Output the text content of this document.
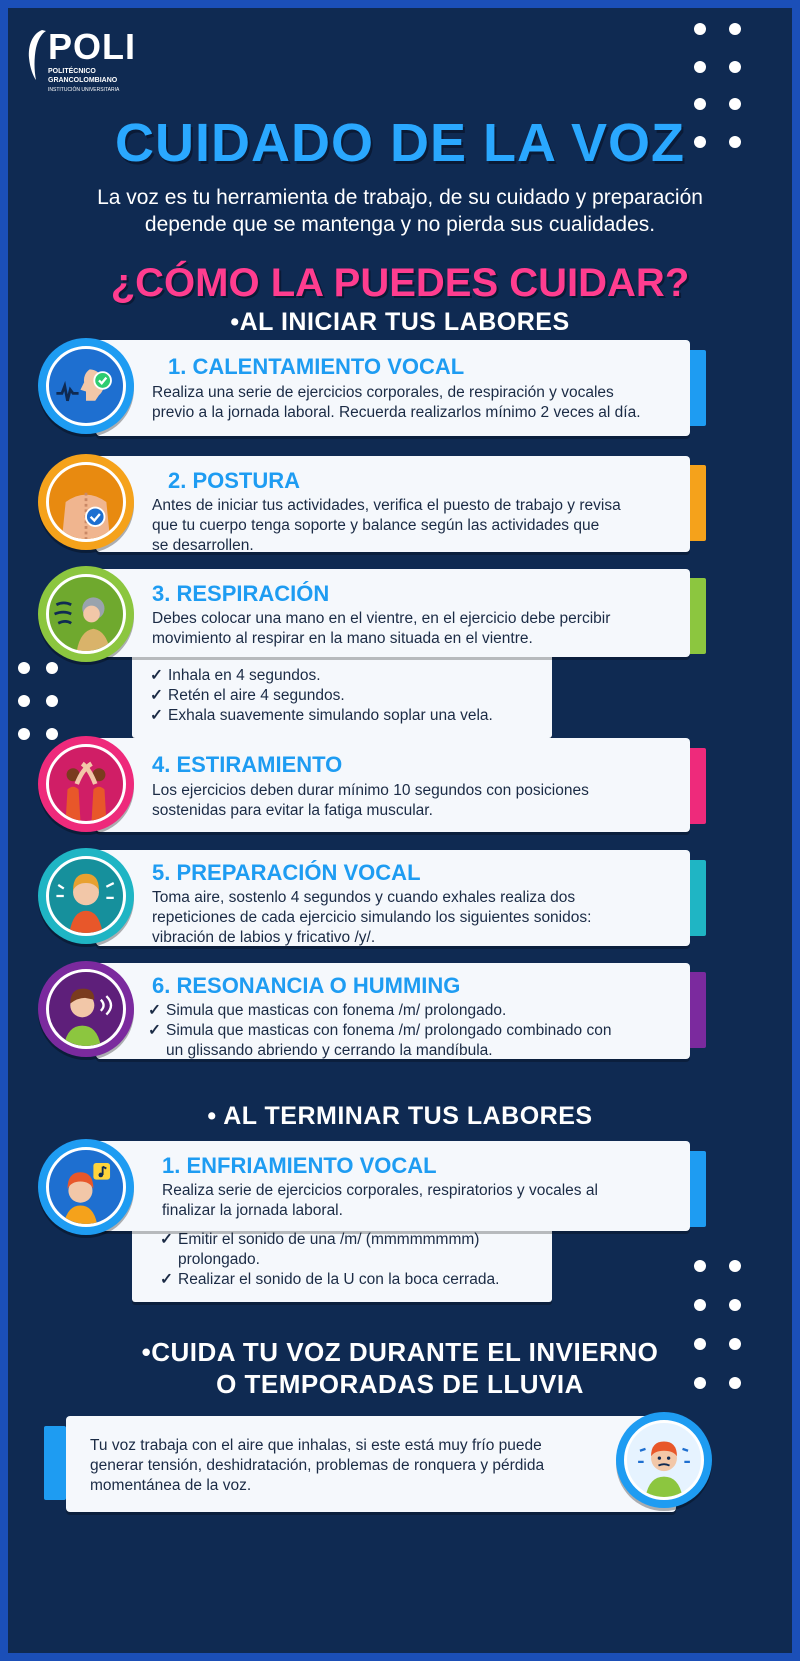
POLI
POLITÉCNICO
GRANCOLOMBIANO
INSTITUCIÓN UNIVERSITARIA
CUIDADO DE LA VOZ
La voz es tu herramienta de trabajo, de su cuidado y preparación
depende que se mantenga y no pierda sus cualidades.
¿CÓMO LA PUEDES CUIDAR?
•AL INICIAR TUS LABORES
1. CALENTAMIENTO VOCAL
Realiza una serie de ejercicios corporales, de respiración y vocales
previo a la jornada laboral. Recuerda realizarlos mínimo 2 veces al día.
2. POSTURA
Antes de iniciar tus actividades, verifica el puesto de trabajo y revisa
que tu cuerpo tenga soporte y balance según las actividades que
se desarrollen.
✓ Inhala en 4 segundos.
✓ Retén el aire 4 segundos.
✓ Exhala suavemente simulando soplar una vela.
3. RESPIRACIÓN
Debes colocar una mano en el vientre, en el ejercicio debe percibir
movimiento al respirar en la mano situada en el vientre.
4. ESTIRAMIENTO
Los ejercicios deben durar mínimo 10 segundos con posiciones
sostenidas para evitar la fatiga muscular.
5. PREPARACIÓN VOCAL
Toma aire, sostenlo 4 segundos y cuando exhales realiza dos
repeticiones de cada ejercicio simulando los siguientes sonidos:
vibración de labios y fricativo /y/.
6. RESONANCIA O HUMMING
✓ Simula que masticas con fonema /m/ prolongado.
✓ Simula que masticas con fonema /m/ prolongado combinado con
un glissando abriendo y cerrando la mandíbula.
• AL TERMINAR TUS LABORES
✓ Emitir el sonido de una /m/ (mmmmmmmm)
prolongado.
✓ Realizar el sonido de la U con la boca cerrada.
1. ENFRIAMIENTO VOCAL
Realiza serie de ejercicios corporales, respiratorios y vocales al
finalizar la jornada laboral.
•CUIDA TU VOZ DURANTE EL INVIERNO
O TEMPORADAS DE LLUVIA
Tu voz trabaja con el aire que inhalas, si este está muy frío puede
generar tensión, deshidratación, problemas de ronquera y pérdida
momentánea de la voz.
